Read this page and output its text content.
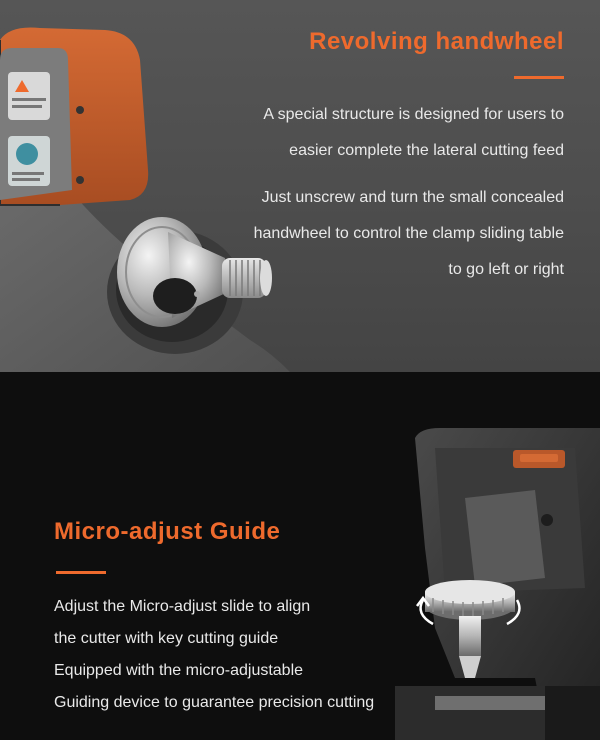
Revolving handwheel
A special structure is designed for users to
easier complete the lateral cutting feed
Just unscrew and turn the small concealed
handwheel to control the clamp sliding table
to go left or right
Micro-adjust Guide
Adjust the Micro-adjust slide to align
the cutter with key cutting guide
Equipped with the micro-adjustable
Guiding device to guarantee precision cutting
